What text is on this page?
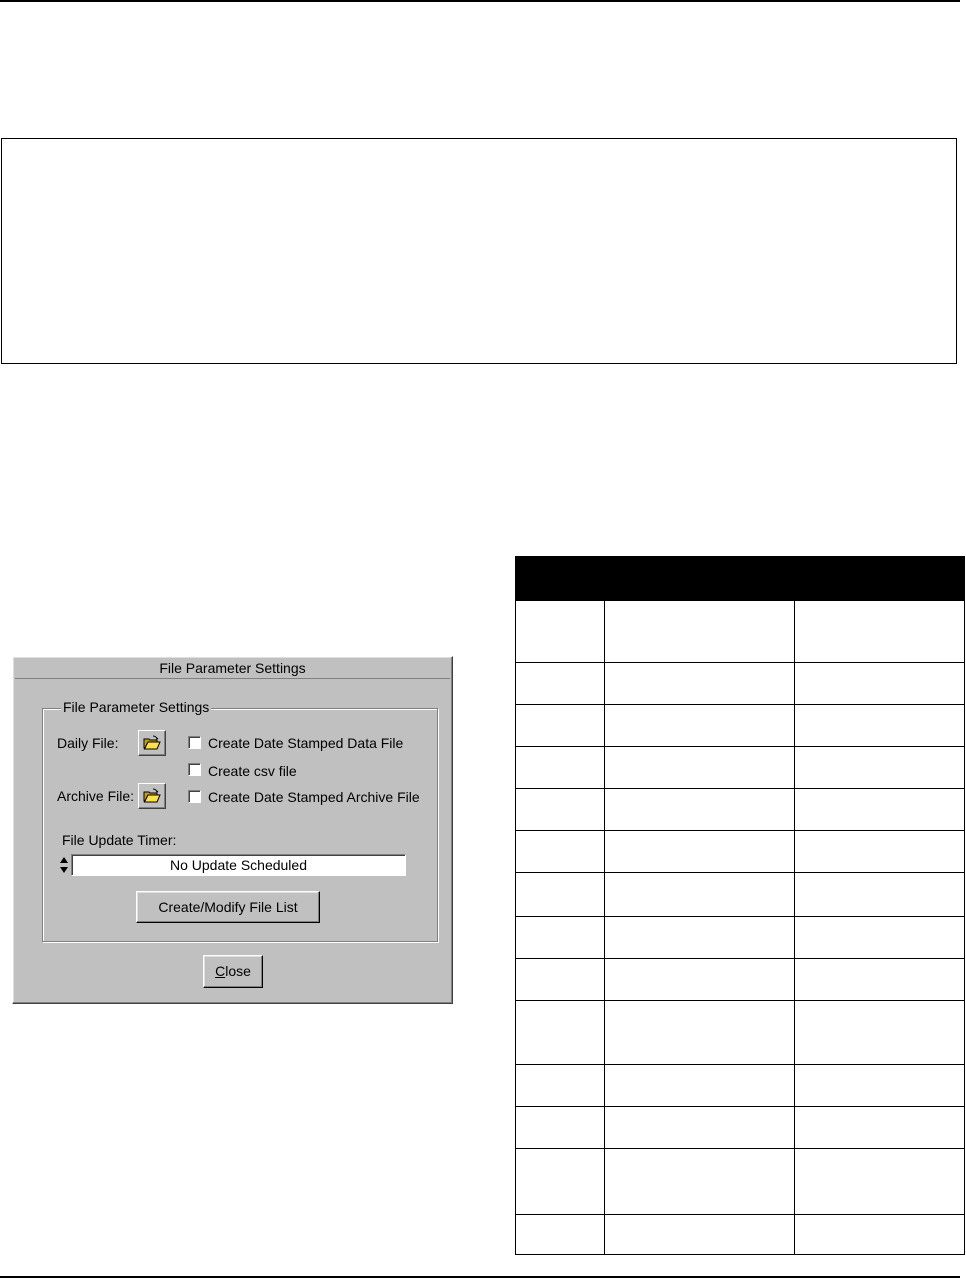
File Parameter Settings
File Parameter Settings
Daily File:	Create Date Stamped Data File
Create csv file
Archive File:	Create Date Stamped Archive File
File Update Timer:
No Update Scheduled
Create/Modify File List
Close
